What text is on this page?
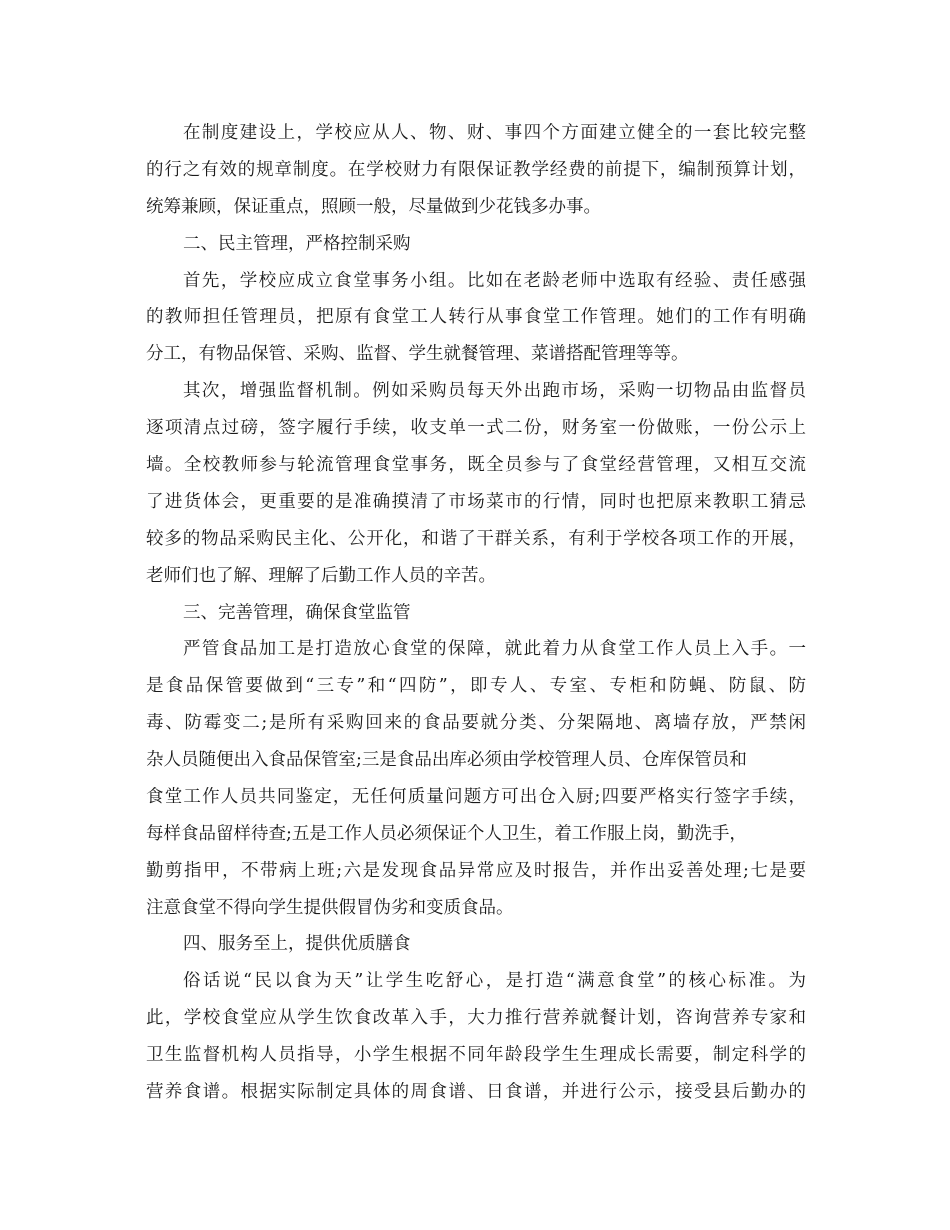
在制度建设上，学校应从人、物、财、事四个方面建立健全的一套比较完整
的行之有效的规章制度。在学校财力有限保证教学经费的前提下，编制预算计划，
统筹兼顾，保证重点，照顾一般，尽量做到少花钱多办事。
二、民主管理，严格控制采购
首先，学校应成立食堂事务小组。比如在老龄老师中选取有经验、责任感强
的教师担任管理员，把原有食堂工人转行从事食堂工作管理。她们的工作有明确
分工，有物品保管、采购、监督、学生就餐管理、菜谱搭配管理等等。
其次，增强监督机制。例如采购员每天外出跑市场，采购一切物品由监督员
逐项清点过磅，签字履行手续，收支单一式二份，财务室一份做账，一份公示上
墙。全校教师参与轮流管理食堂事务，既全员参与了食堂经营管理，又相互交流
了进货体会，更重要的是准确摸清了市场菜市的行情，同时也把原来教职工猜忌
较多的物品采购民主化、公开化，和谐了干群关系，有利于学校各项工作的开展，
老师们也了解、理解了后勤工作人员的辛苦。
三、完善管理，确保食堂监管
严管食品加工是打造放心食堂的保障，就此着力从食堂工作人员上入手。一
是食品保管要做到“三专”和“四防”，即专人、专室、专柜和防蝇、防鼠、防
毒、防霉变二;是所有采购回来的食品要就分类、分架隔地、离墙存放，严禁闲
杂人员随便出入食品保管室;三是食品出库必须由学校管理人员、仓库保管员和
食堂工作人员共同鉴定，无任何质量问题方可出仓入厨;四要严格实行签字手续，
每样食品留样待查;五是工作人员必须保证个人卫生，着工作服上岗，勤洗手，
勤剪指甲，不带病上班;六是发现食品异常应及时报告，并作出妥善处理;七是要
注意食堂不得向学生提供假冒伪劣和变质食品。
四、服务至上，提供优质膳食
俗话说“民以食为天”让学生吃舒心，是打造“满意食堂”的核心标准。为
此，学校食堂应从学生饮食改革入手，大力推行营养就餐计划，咨询营养专家和
卫生监督机构人员指导，小学生根据不同年龄段学生生理成长需要，制定科学的
营养食谱。根据实际制定具体的周食谱、日食谱，并进行公示，接受县后勤办的
